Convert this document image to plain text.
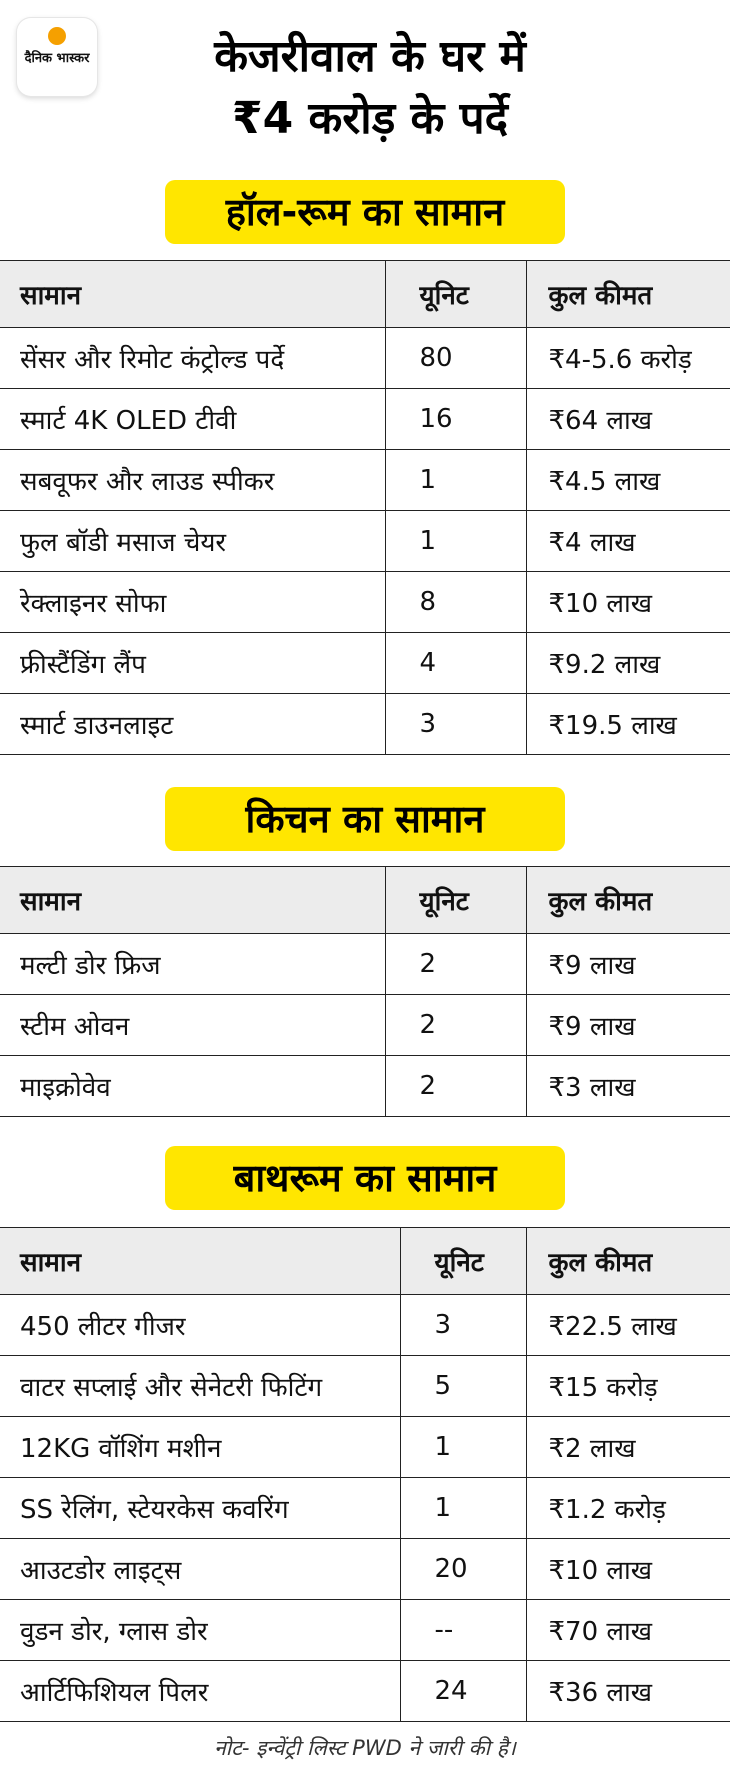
दैनिक भास्कर	केजरीवाल के घर में
₹4 करोड़ के पर्दे
हॉल-रूम का सामान
सामान	यूनिट	कुल कीमत
सेंसर और रिमोट कंट्रोल्ड पर्दे	80	₹4-5.6 करोड़
स्मार्ट 4K OLED टीवी	16	₹64 लाख
सबवूफर और लाउड स्पीकर	1	₹4.5 लाख
फुल बॉडी मसाज चेयर	1	₹4 लाख
रेक्लाइनर सोफा	8	₹10 लाख
फ्रीस्टैंडिंग लैंप	4	₹9.2 लाख
स्मार्ट डाउनलाइट	3	₹19.5 लाख
किचन का सामान
सामान	यूनिट	कुल कीमत
मल्टी डोर फ्रिज	2	₹9 लाख
स्टीम ओवन	2	₹9 लाख
माइक्रोवेव	2	₹3 लाख
बाथरूम का सामान
सामान	यूनिट	कुल कीमत
450 लीटर गीजर	3	₹22.5 लाख
वाटर सप्लाई और सेनेटरी फिटिंग	5	₹15 करोड़
12KG वॉशिंग मशीन	1	₹2 लाख
SS रेलिंग, स्टेयरकेस कवरिंग	1	₹1.2 करोड़
आउटडोर लाइट्स	20	₹10 लाख
वुडन डोर, ग्लास डोर	--	₹70 लाख
आर्टिफिशियल पिलर	24	₹36 लाख
नोट- इन्वेंट्री लिस्ट PWD ने जारी की है।
